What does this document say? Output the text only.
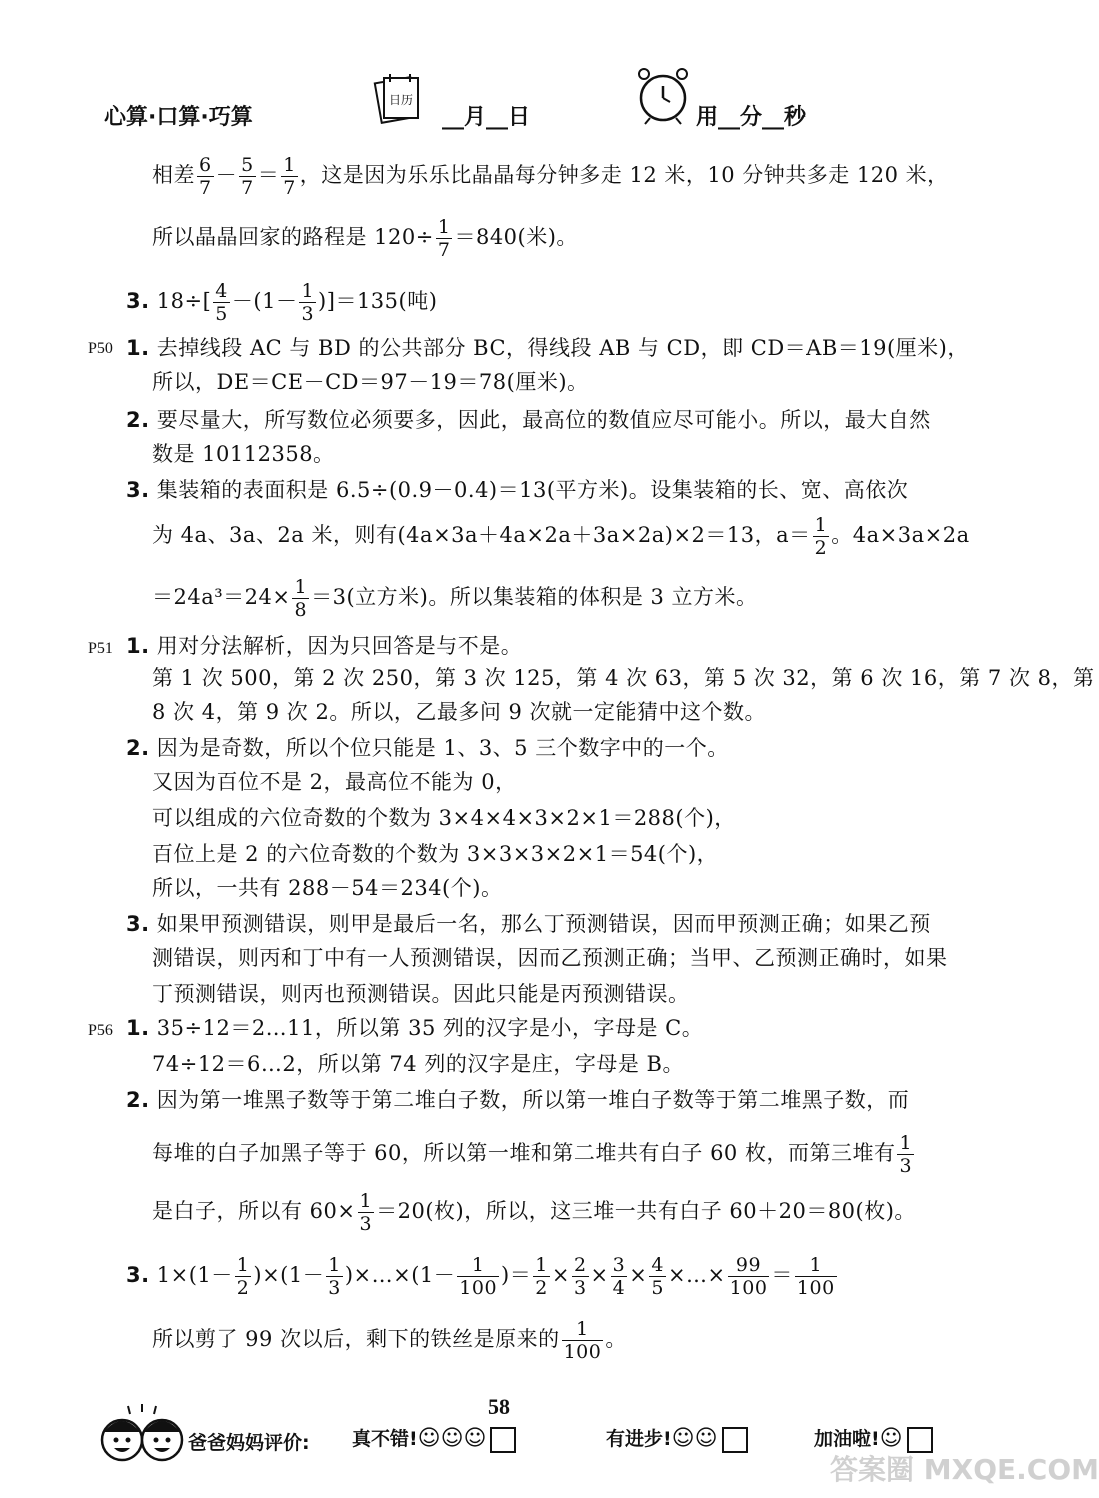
心算·口算·巧算
日历
__月__日	用__分__秒
相差 $\frac{6}{7} - \frac{5}{7} = \frac{1}{7}$ ，这是因为乐乐比晶晶每分钟多走 12 米，10 分钟共多走 120 米，
所以晶晶回家的路程是 $120\div \frac{1}{7} =840$(米)。
3. $18\div[ \frac{4}{5} -(1- \frac{1}{3} )]=135$(吨)
P50 1. 去掉线段 AC 与 BD 的公共部分 BC，得线段 AB 与 CD，即 CD＝AB＝19(厘米)，
所以，DE＝CE－CD＝97－19＝78(厘米)。
2. 要尽量大，所写数位必须要多，因此，最高位的数值应尽可能小。所以，最大自然
数是 10112358。
3. 集装箱的表面积是 6.5÷(0.9－0.4)＝13(平方米)。设集装箱的长、宽、高依次
为 4a、3a、2a 米，则有(4a×3a＋4a×2a＋3a×2a)×2＝13，$a= \frac{1}{2}$ 。4a×3a×2a
$=24a^3=24\times \frac{1}{8} =3$(立方米)。所以集装箱的体积是 3 立方米。
P51 1. 用对分法解析，因为只回答是与不是。
第 1 次 500，第 2 次 250，第 3 次 125，第 4 次 63，第 5 次 32，第 6 次 16，第 7 次 8，第
8 次 4，第 9 次 2。所以，乙最多问 9 次就一定能猜中这个数。
2. 因为是奇数，所以个位只能是 1、3、5 三个数字中的一个。
又因为百位不是 2，最高位不能为 0，
可以组成的六位奇数的个数为 3×4×4×3×2×1＝288(个)，
百位上是 2 的六位奇数的个数为 3×3×3×2×1＝54(个)，
所以，一共有 288－54＝234(个)。
3. 如果甲预测错误，则甲是最后一名，那么丁预测错误，因而甲预测正确；如果乙预
测错误，则丙和丁中有一人预测错误，因而乙预测正确；当甲、乙预测正确时，如果
丁预测错误，则丙也预测错误。因此只能是丙预测错误。
P56 1. 35÷12＝2…11，所以第 35 列的汉字是小，字母是 C。
74÷12＝6…2，所以第 74 列的汉字是庄，字母是 B。
2. 因为第一堆黑子数等于第二堆白子数，所以第一堆白子数等于第二堆黑子数，而
每堆的白子加黑子等于 60，所以第一堆和第二堆共有白子 60 枚，而第三堆有 $\frac{1}{3}$
是白子，所以有 $60\times \frac{1}{3} =20$(枚)，所以，这三堆一共有白子 60＋20＝80(枚)。
3. $1\times(1- \frac{1}{2} )\times(1- \frac{1}{3}$ )×…×(1－ $\frac{1}{100}$ )＝ $\frac{1}{2} \times \frac{2}{3} \times \frac{3}{4} \times \frac{4}{5}$ ×…× $\frac{99}{100} = \frac{1}{100}$
所以剪了 99 次以后，剩下的铁丝是原来的 $\frac{1}{100}$ 。
58
爸爸妈妈评价: 真不错!☺☺☺	有进步!☺☺	加油啦!☺
答案圈 MXQE.COM
